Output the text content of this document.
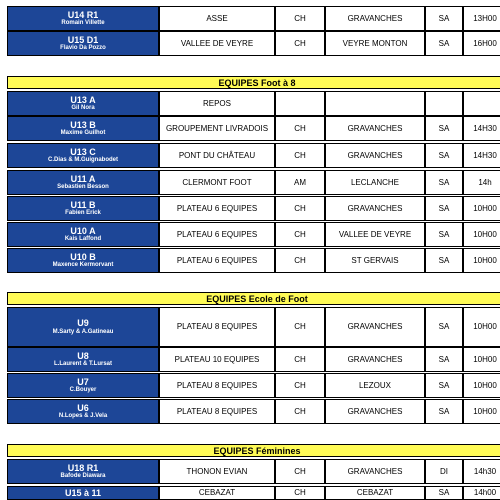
U14 R1
Romain Villette
ASSE	CH	GRAVANCHES	SA	13H00
U15 D1
Flavio Da Pozzo
VALLEE DE VEYRE	CH	VEYRE MONTON	SA	16H00
EQUIPES Foot à 8
U13 A
Gil Nora
REPOS
U13 B
Maxime Guilhot
GROUPEMENT LIVRADOIS	CH	GRAVANCHES	SA	14H30
U13 C
C.Dias & M.Guignabodet
PONT DU CHÂTEAU	CH	GRAVANCHES	SA	14H30
U11 A
Sebastien Besson
CLERMONT FOOT	AM	LECLANCHE	SA	14h
U11 B
Fabien Erick
PLATEAU 6 EQUIPES	CH	GRAVANCHES	SA	10H00
U10 A
Kais Laffond
PLATEAU 6 EQUIPES	CH	VALLEE DE VEYRE	SA	10H00
U10 B
Maxence Kermorvant
PLATEAU 6 EQUIPES	CH	ST GERVAIS	SA	10H00
EQUIPES Ecole de Foot
U9
M.Sarty & A.Gatineau
PLATEAU 8 EQUIPES	CH	GRAVANCHES	SA	10H00
U8
L.Laurent & T.Lursat
PLATEAU 10 EQUIPES	CH	GRAVANCHES	SA	10H00
U7
C.Bouyer
PLATEAU 8 EQUIPES	CH	LEZOUX	SA	10H00
U6
N.Lopes & J.Vela
PLATEAU 8 EQUIPES	CH	GRAVANCHES	SA	10H00
EQUIPES Féminines
U18 R1
Bafode Diawara
THONON EVIAN	CH	GRAVANCHES	DI	14h30
U15 à 11	CEBAZAT	CH	CEBAZAT	SA	14h00
